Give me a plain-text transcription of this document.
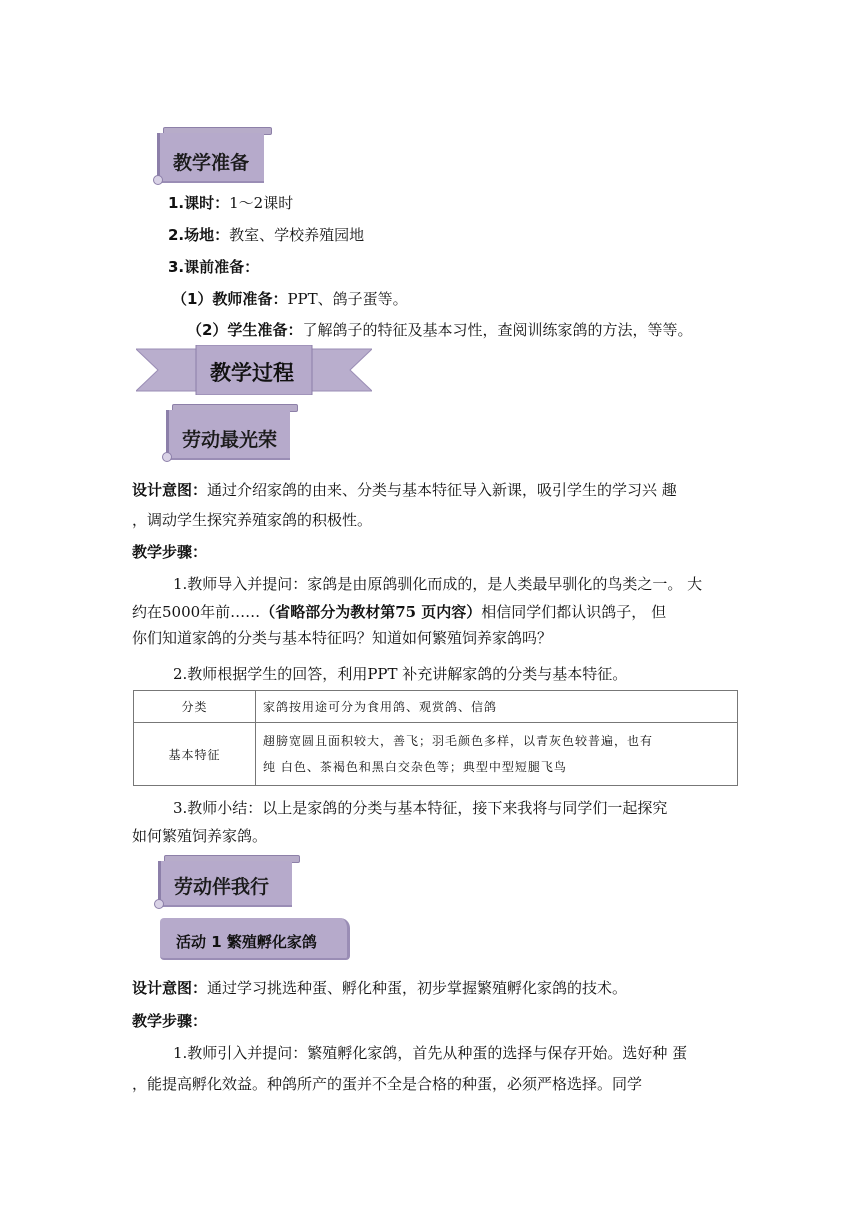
教学准备
1.课时：1～2课时
2.场地：教室、学校养殖园地
3.课前准备：
（1）教师准备：PPT、鸽子蛋等。
（2）学生准备：了解鸽子的特征及基本习性，查阅训练家鸽的方法，等等。
教学过程
劳动最光荣
设计意图：通过介绍家鸽的由来、分类与基本特征导入新课，吸引学生的学习兴 趣
，调动学生探究养殖家鸽的积极性。
教学步骤：
1.教师导入并提问：家鸽是由原鸽驯化而成的，是人类最早驯化的鸟类之一。 大
约在5000年前……（省略部分为教材第75 页内容）相信同学们都认识鸽子， 但
你们知道家鸽的分类与基本特征吗？知道如何繁殖饲养家鸽吗？
2.教师根据学生的回答，利用PPT 补充讲解家鸽的分类与基本特征。
分类	家鸽按用途可分为食用鸽、观赏鸽、信鸽
基本特征	趐膀宽圆且面积较大，善飞；羽毛颜色多样，以青灰色较普遍，也有
纯 白色、茶褐色和黑白交杂色等；典型中型短腿飞鸟
3.教师小结：以上是家鸽的分类与基本特征，接下来我将与同学们一起探究
如何繁殖饲养家鸽。
劳动伴我行
活动 1 繁殖孵化家鸽
设计意图：通过学习挑选种蛋、孵化种蛋，初步掌握繁殖孵化家鸽的技术。
教学步骤：
1.教师引入并提问：繁殖孵化家鸽，首先从种蛋的选择与保存开始。选好种 蛋
，能提高孵化效益。种鸽所产的蛋并不全是合格的种蛋，必须严格选择。同学
